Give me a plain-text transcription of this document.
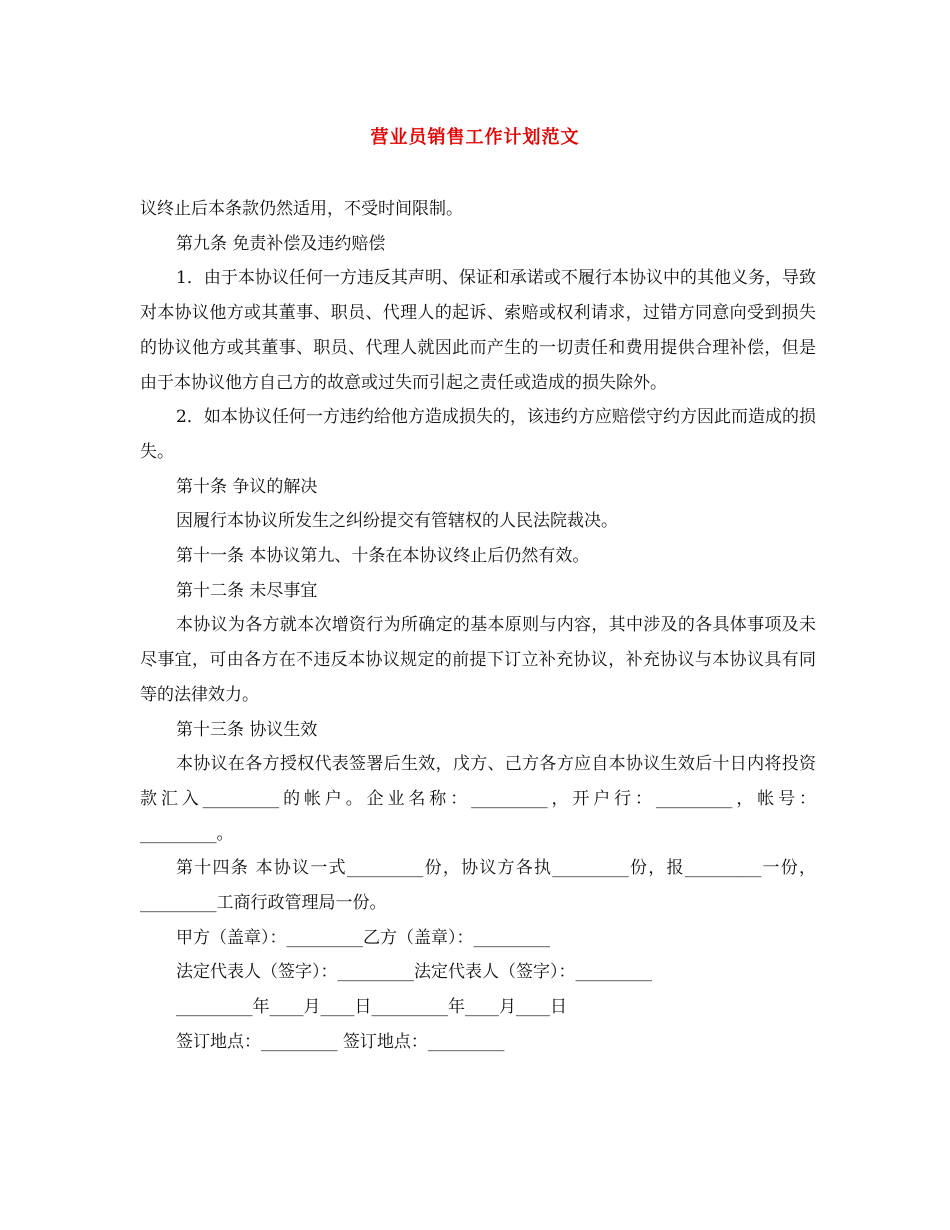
营业员销售工作计划范文

议终止后本条款仍然适用，不受时间限制。

第九条 免责补偿及违约赔偿

1．由于本协议任何一方违反其声明、保证和承诺或不履行本协议中的其他义务，导致对本协议他方或其董事、职员、代理人的起诉、索赔或权利请求，过错方同意向受到损失的协议他方或其董事、职员、代理人就因此而产生的一切责任和费用提供合理补偿，但是由于本协议他方自己方的故意或过失而引起之责任或造成的损失除外。

2．如本协议任何一方违约给他方造成损失的，该违约方应赔偿守约方因此而造成的损失。

第十条 争议的解决

因履行本协议所发生之纠纷提交有管辖权的人民法院裁决。

第十一条 本协议第九、十条在本协议终止后仍然有效。

第十二条 未尽事宜

本协议为各方就本次增资行为所确定的基本原则与内容，其中涉及的各具体事项及未尽事宜，可由各方在不违反本协议规定的前提下订立补充协议，补充协议与本协议具有同等的法律效力。

第十三条 协议生效

本协议在各方授权代表签署后生效，戊方、己方各方应自本协议生效后十日内将投资款汇入_________的帐户。企业名称：_________，开户行：_________，帐号：_________。

第十四条 本协议一式_________份，协议方各执_________份，报_________一份，_________工商行政管理局一份。

甲方（盖章）：_________乙方（盖章）：_________

法定代表人（签字）：_________法定代表人（签字）：_________

_________年____月____日_________年____月____日

签订地点：_________ 签订地点：_________
